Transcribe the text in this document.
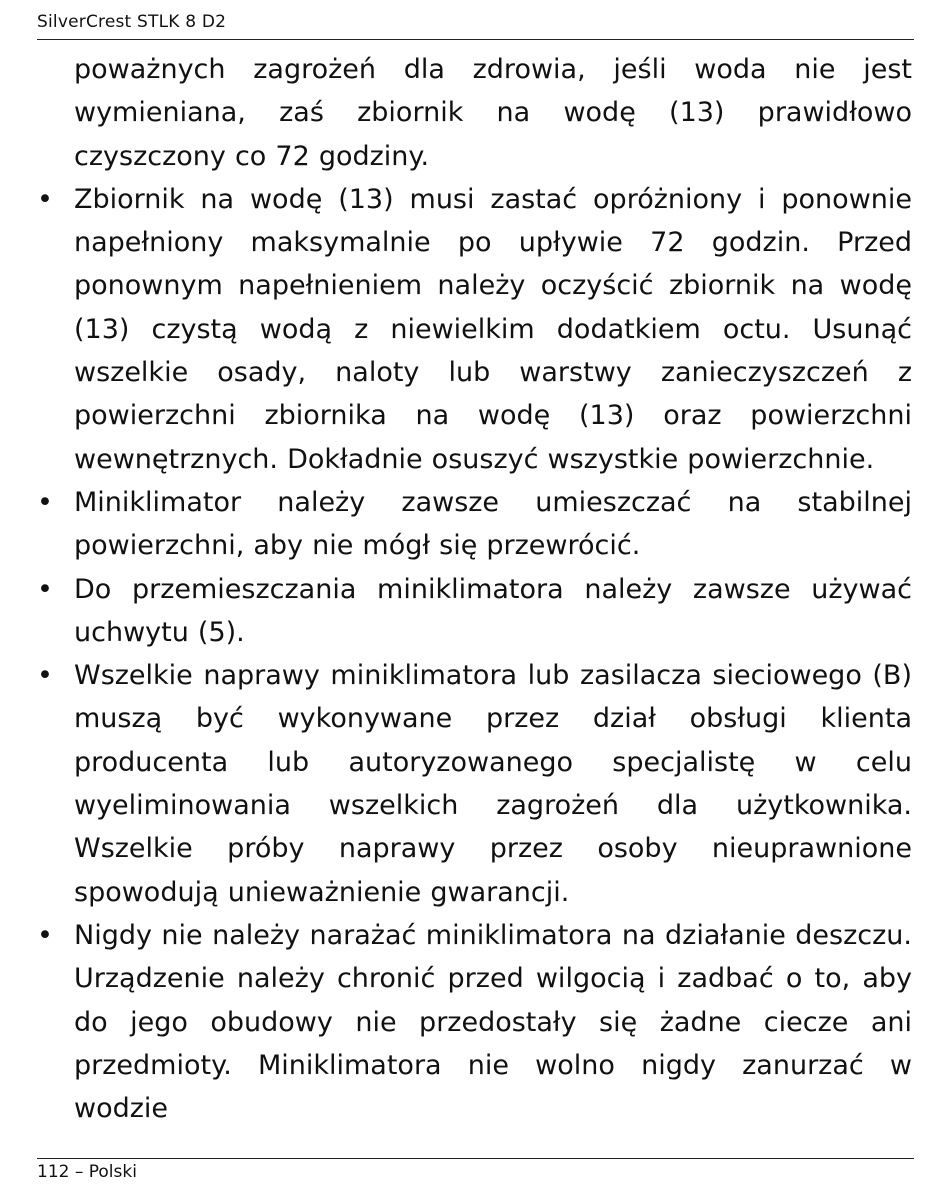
SilverCrest STLK 8 D2

poważnych zagrożeń dla zdrowia, jeśli woda nie jest wymieniana, zaś zbiornik na wodę (13) prawidłowo czyszczony co 72 godziny.

• Zbiornik na wodę (13) musi zastać opróżniony i ponownie napełniony maksymalnie po upływie 72 godzin. Przed ponownym napełnieniem należy oczyścić zbiornik na wodę (13) czystą wodą z niewielkim dodatkiem octu. Usunąć wszelkie osady, naloty lub warstwy zanieczyszczeń z powierzchni zbiornika na wodę (13) oraz powierzchni wewnętrznych. Dokładnie osuszyć wszystkie powierzchnie.
• Miniklimator należy zawsze umieszczać na stabilnej powierzchni, aby nie mógł się przewrócić.
• Do przemieszczania miniklimatora należy zawsze używać uchwytu (5).
• Wszelkie naprawy miniklimatora lub zasilacza sieciowego (B) muszą być wykonywane przez dział obsługi klienta producenta lub autoryzowanego specjalistę w celu wyeliminowania wszelkich zagrożeń dla użytkownika. Wszelkie próby naprawy przez osoby nieuprawnione spowodują unieważnienie gwarancji.
• Nigdy nie należy narażać miniklimatora na działanie deszczu. Urządzenie należy chronić przed wilgocią i zadbać o to, aby do jego obudowy nie przedostały się żadne ciecze ani przedmioty. Miniklimatora nie wolno nigdy zanurzać w wodzie
112 – Polski
